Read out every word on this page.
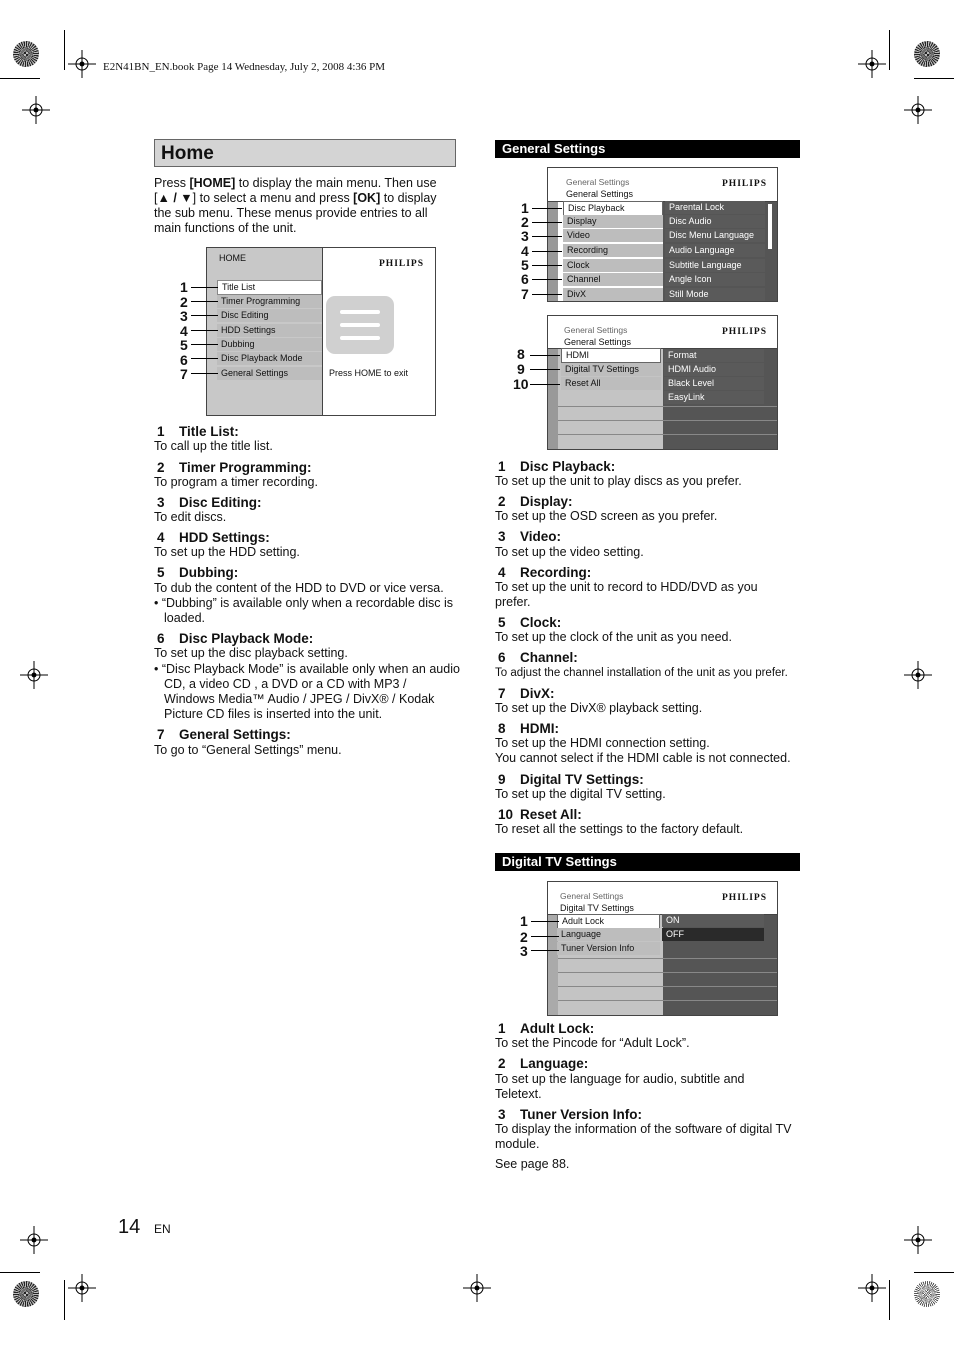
E2N41BN_EN.book Page 14 Wednesday, July 2, 2008 4:36 PM
Home
Press [HOME] to display the main menu. Then use [▲ / ▼] to select a menu and press [OK] to display the sub menu. These menus provide entries to all main functions of the unit.
HOME
PHILIPS
Title List
Timer Programming
Disc Editing
HDD Settings
Dubbing
Disc Playback Mode
General Settings	Press HOME to exit
1
2
3
4
5
6
7
1 Title List:
To call up the title list.
2 Timer Programming:
To program a timer recording.
3 Disc Editing:
To edit discs.
4 HDD Settings:
To set up the HDD setting.
5 Dubbing:
To dub the content of the HDD to DVD or vice versa.
• “Dubbing” is available only when a recordable disc is loaded.
6 Disc Playback Mode:
To set up the disc playback setting.
• “Disc Playback Mode” is available only when an audio CD, a video CD , a DVD or a CD with MP3 / Windows Media™ Audio / JPEG / DivX® / Kodak Picture CD files is inserted into the unit.
7 General Settings:
To go to “General Settings” menu.
General Settings
General Settings	PHILIPS
General Settings
Disc Playback
Display
Video
Recording
Clock
Channel
DivX
Parental Lock
Disc Audio
Disc Menu Language
Audio Language
Subtitle Language
Angle Icon
Still Mode
1
2
3
4
5
6
7
General Settings	PHILIPS
General Settings
HDMI
Digital TV Settings
Reset All
Format
HDMI Audio
Black Level
EasyLink
8
9
10
1 Disc Playback:
To set up the unit to play discs as you prefer.
2 Display:
To set up the OSD screen as you prefer.
3 Video:
To set up the video setting.
4 Recording:
To set up the unit to record to HDD/DVD as you prefer.
5 Clock:
To set up the clock of the unit as you need.
6 Channel:
To adjust the channel installation of the unit as you prefer.
7 DivX:
To set up the DivX® playback setting.
8 HDMI:
To set up the HDMI connection setting.
You cannot select if the HDMI cable is not connected.
9 Digital TV Settings:
To set up the digital TV setting.
10 Reset All:
To reset all the settings to the factory default.
Digital TV Settings
General Settings	PHILIPS
Digital TV Settings
Adult Lock
Language
Tuner Version Info
ON
OFF
1
2
3
1 Adult Lock:
To set the Pincode for “Adult Lock”.
2 Language:
To set up the language for audio, subtitle and Teletext.
3 Tuner Version Info:
To display the information of the software of digital TV module.
See page 88.
14 EN
